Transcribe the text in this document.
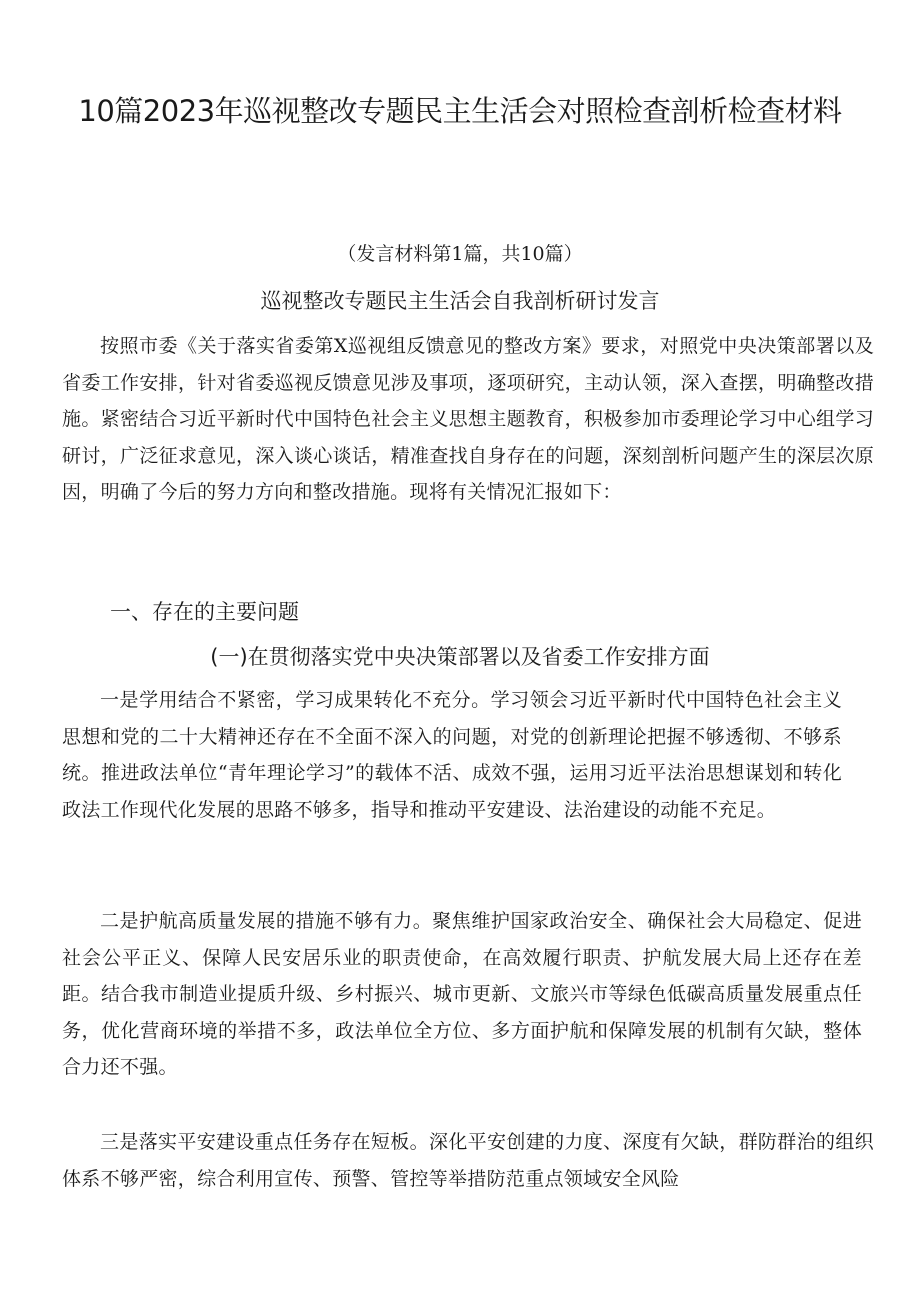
10篇2023年巡视整改专题民主生活会对照检查剖析检查材料

（发言材料第1篇，共10篇）

巡视整改专题民主生活会自我剖析研讨发言

按照市委《关于落实省委第X巡视组反馈意见的整改方案》要求，对照党中央决策部署以及省委工作安排，针对省委巡视反馈意见涉及事项，逐项研究，主动认领，深入查摆，明确整改措施。紧密结合习近平新时代中国特色社会主义思想主题教育，积极参加市委理论学习中心组学习研讨，广泛征求意见，深入谈心谈话，精准查找自身存在的问题，深刻剖析问题产生的深层次原因，明确了今后的努力方向和整改措施。现将有关情况汇报如下：

一、存在的主要问题
(一)在贯彻落实党中央决策部署以及省委工作安排方面

一是学用结合不紧密，学习成果转化不充分。学习领会习近平新时代中国特色社会主义思想和党的二十大精神还存在不全面不深入的问题，对党的创新理论把握不够透彻、不够系统。推进政法单位“青年理论学习”的载体不活、成效不强，运用习近平法治思想谋划和转化政法工作现代化发展的思路不够多，指导和推动平安建设、法治建设的动能不充足。

二是护航高质量发展的措施不够有力。聚焦维护国家政治安全、确保社会大局稳定、促进社会公平正义、保障人民安居乐业的职责使命，在高效履行职责、护航发展大局上还存在差距。结合我市制造业提质升级、乡村振兴、城市更新、文旅兴市等绿色低碳高质量发展重点任务，优化营商环境的举措不多，政法单位全方位、多方面护航和保障发展的机制有欠缺，整体合力还不强。

三是落实平安建设重点任务存在短板。深化平安创建的力度、深度有欠缺，群防群治的组织体系不够严密，综合利用宣传、预警、管控等举措防范重点领域安全风险
